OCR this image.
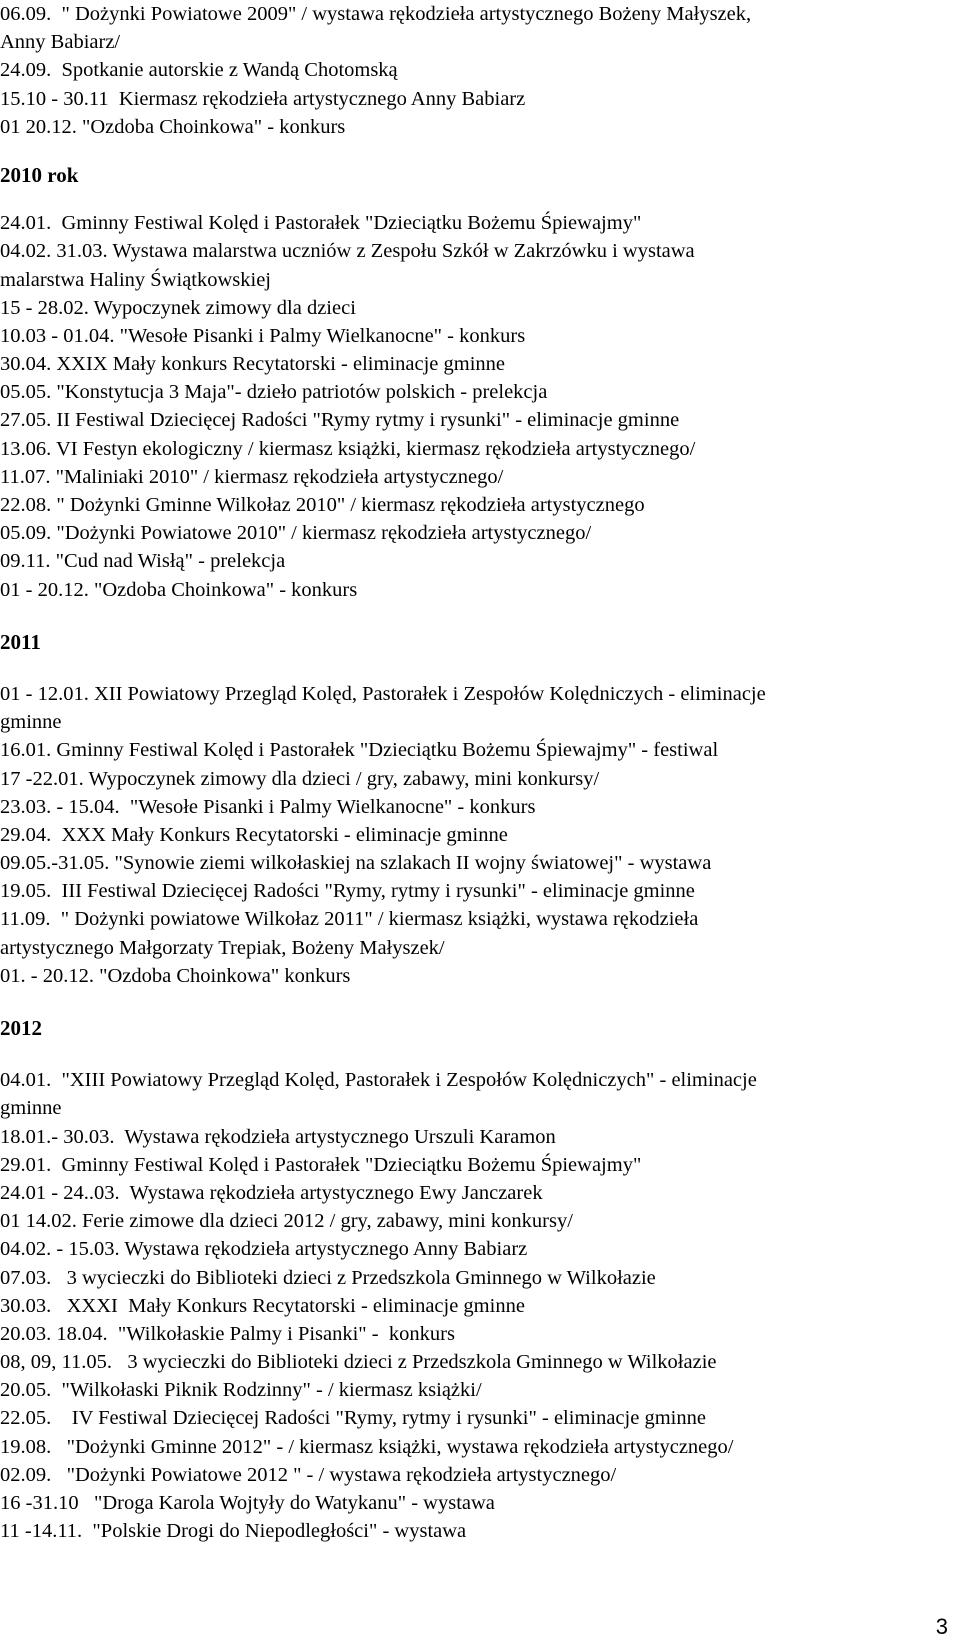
06.09.  " Dożynki Powiatowe 2009" / wystawa rękodzieła artystycznego Bożeny Małyszek,
Anny Babiarz/
24.09.  Spotkanie autorskie z Wandą Chotomską
15.10 - 30.11  Kiermasz rękodzieła artystycznego Anny Babiarz
01 20.12. "Ozdoba Choinkowa" - konkurs
2010 rok
24.01.  Gminny Festiwal Kolęd i Pastorałek "Dzieciątku Bożemu Śpiewajmy"
04.02. 31.03. Wystawa malarstwa uczniów z Zespołu Szkół w Zakrzówku i wystawa
malarstwa Haliny Świątkowskiej
15 - 28.02. Wypoczynek zimowy dla dzieci
10.03 - 01.04. "Wesołe Pisanki i Palmy Wielkanocne" - konkurs
30.04. XXIX Mały konkurs Recytatorski - eliminacje gminne
05.05. "Konstytucja 3 Maja"- dzieło patriotów polskich - prelekcja
27.05. II Festiwal Dziecięcej Radości "Rymy rytmy i rysunki" - eliminacje gminne
13.06. VI Festyn ekologiczny / kiermasz książki, kiermasz rękodzieła artystycznego/
11.07. "Maliniaki 2010" / kiermasz rękodzieła artystycznego/
22.08. " Dożynki Gminne Wilkołaz 2010" / kiermasz rękodzieła artystycznego
05.09. "Dożynki Powiatowe 2010" / kiermasz rękodzieła artystycznego/
09.11. "Cud nad Wisłą" - prelekcja
01 - 20.12. "Ozdoba Choinkowa" - konkurs
2011
01 - 12.01. XII Powiatowy Przegląd Kolęd, Pastorałek i Zespołów Kolędniczych - eliminacje
gminne
16.01. Gminny Festiwal Kolęd i Pastorałek "Dzieciątku Bożemu Śpiewajmy" - festiwal
17 -22.01. Wypoczynek zimowy dla dzieci / gry, zabawy, mini konkursy/
23.03. - 15.04.  "Wesołe Pisanki i Palmy Wielkanocne" - konkurs
29.04.  XXX Mały Konkurs Recytatorski - eliminacje gminne
09.05.-31.05. "Synowie ziemi wilkołaskiej na szlakach II wojny światowej" - wystawa
19.05.  III Festiwal Dziecięcej Radości "Rymy, rytmy i rysunki" - eliminacje gminne
11.09.  " Dożynki powiatowe Wilkołaz 2011" / kiermasz książki, wystawa rękodzieła
artystycznego Małgorzaty Trepiak, Bożeny Małyszek/
01. - 20.12. "Ozdoba Choinkowa" konkurs
2012
04.01.  "XIII Powiatowy Przegląd Kolęd, Pastorałek i Zespołów Kolędniczych" - eliminacje
gminne
18.01.- 30.03.  Wystawa rękodzieła artystycznego Urszuli Karamon
29.01.  Gminny Festiwal Kolęd i Pastorałek "Dzieciątku Bożemu Śpiewajmy"
24.01 - 24..03.  Wystawa rękodzieła artystycznego Ewy Janczarek
01 14.02. Ferie zimowe dla dzieci 2012 / gry, zabawy, mini konkursy/
04.02. - 15.03. Wystawa rękodzieła artystycznego Anny Babiarz
07.03.   3 wycieczki do Biblioteki dzieci z Przedszkola Gminnego w Wilkołazie
30.03.   XXXI  Mały Konkurs Recytatorski - eliminacje gminne
20.03. 18.04.  "Wilkołaskie Palmy i Pisanki" -  konkurs
08, 09, 11.05.   3 wycieczki do Biblioteki dzieci z Przedszkola Gminnego w Wilkołazie
20.05.  "Wilkołaski Piknik Rodzinny" - / kiermasz książki/
22.05.    IV Festiwal Dziecięcej Radości "Rymy, rytmy i rysunki" - eliminacje gminne
19.08.   "Dożynki Gminne 2012" - / kiermasz książki, wystawa rękodzieła artystycznego/
02.09.   "Dożynki Powiatowe 2012 " - / wystawa rękodzieła artystycznego/
16 -31.10   "Droga Karola Wojtyły do Watykanu" - wystawa
11 -14.11.  "Polskie Drogi do Niepodległości" - wystawa
3
